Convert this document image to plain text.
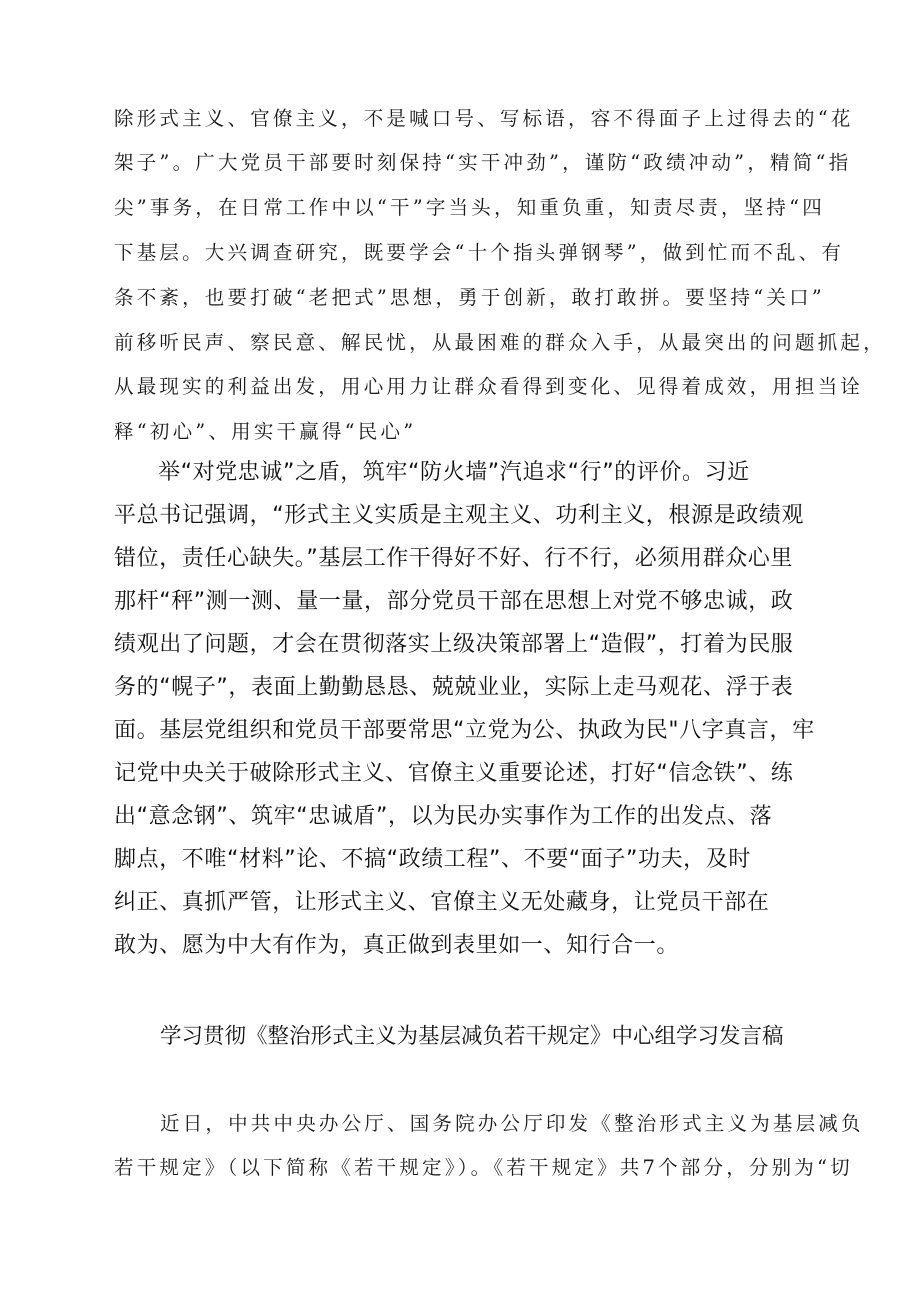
除形式主义、官僚主义，不是喊口号、写标语，容不得面子上过得去的“花
架子”。广大党员干部要时刻保持“实干冲劲”，谨防“政绩冲动”，精简“指
尖”事务，在日常工作中以“干”字当头，知重负重，知责尽责，坚持“四
下基层。大兴调查研究，既要学会“十个指头弹钢琴”，做到忙而不乱、有
条不紊，也要打破“老把式”思想，勇于创新，敢打敢拼。要坚持“关口”
前移听民声、察民意、解民忧，从最困难的群众入手，从最突出的问题抓起，
从最现实的利益出发，用心用力让群众看得到变化、见得着成效，用担当诠
释“初心”、用实干赢得“民心”
举“对党忠诚”之盾，筑牢“防火墙”汽追求“行”的评价。习近
平总书记强调，“形式主义实质是主观主义、功利主义，根源是政绩观
错位，责任心缺失。”基层工作干得好不好、行不行，必须用群众心里
那杆“秤”测一测、量一量，部分党员干部在思想上对党不够忠诚，政
绩观出了问题，才会在贯彻落实上级决策部署上“造假”，打着为民服
务的“幌子”，表面上勤勤恳恳、兢兢业业，实际上走马观花、浮于表
面。基层党组织和党员干部要常思“立党为公、执政为民"八字真言，牢
记党中央关于破除形式主义、官僚主义重要论述，打好“信念铁”、练
出“意念钢”、筑牢“忠诚盾”，以为民办实事作为工作的出发点、落
脚点，不唯“材料”论、不搞“政绩工程”、不要“面子”功夫，及时
纠正、真抓严管，让形式主义、官僚主义无处藏身，让党员干部在
敢为、愿为中大有作为，真正做到表里如一、知行合一。
学习贯彻《整治形式主义为基层减负若干规定》中心组学习发言稿
近日，中共中央办公厅、国务院办公厅印发《整治形式主义为基层减负
若干规定》（以下简称《若干规定》）。《若干规定》共7个部分，分别为“切
